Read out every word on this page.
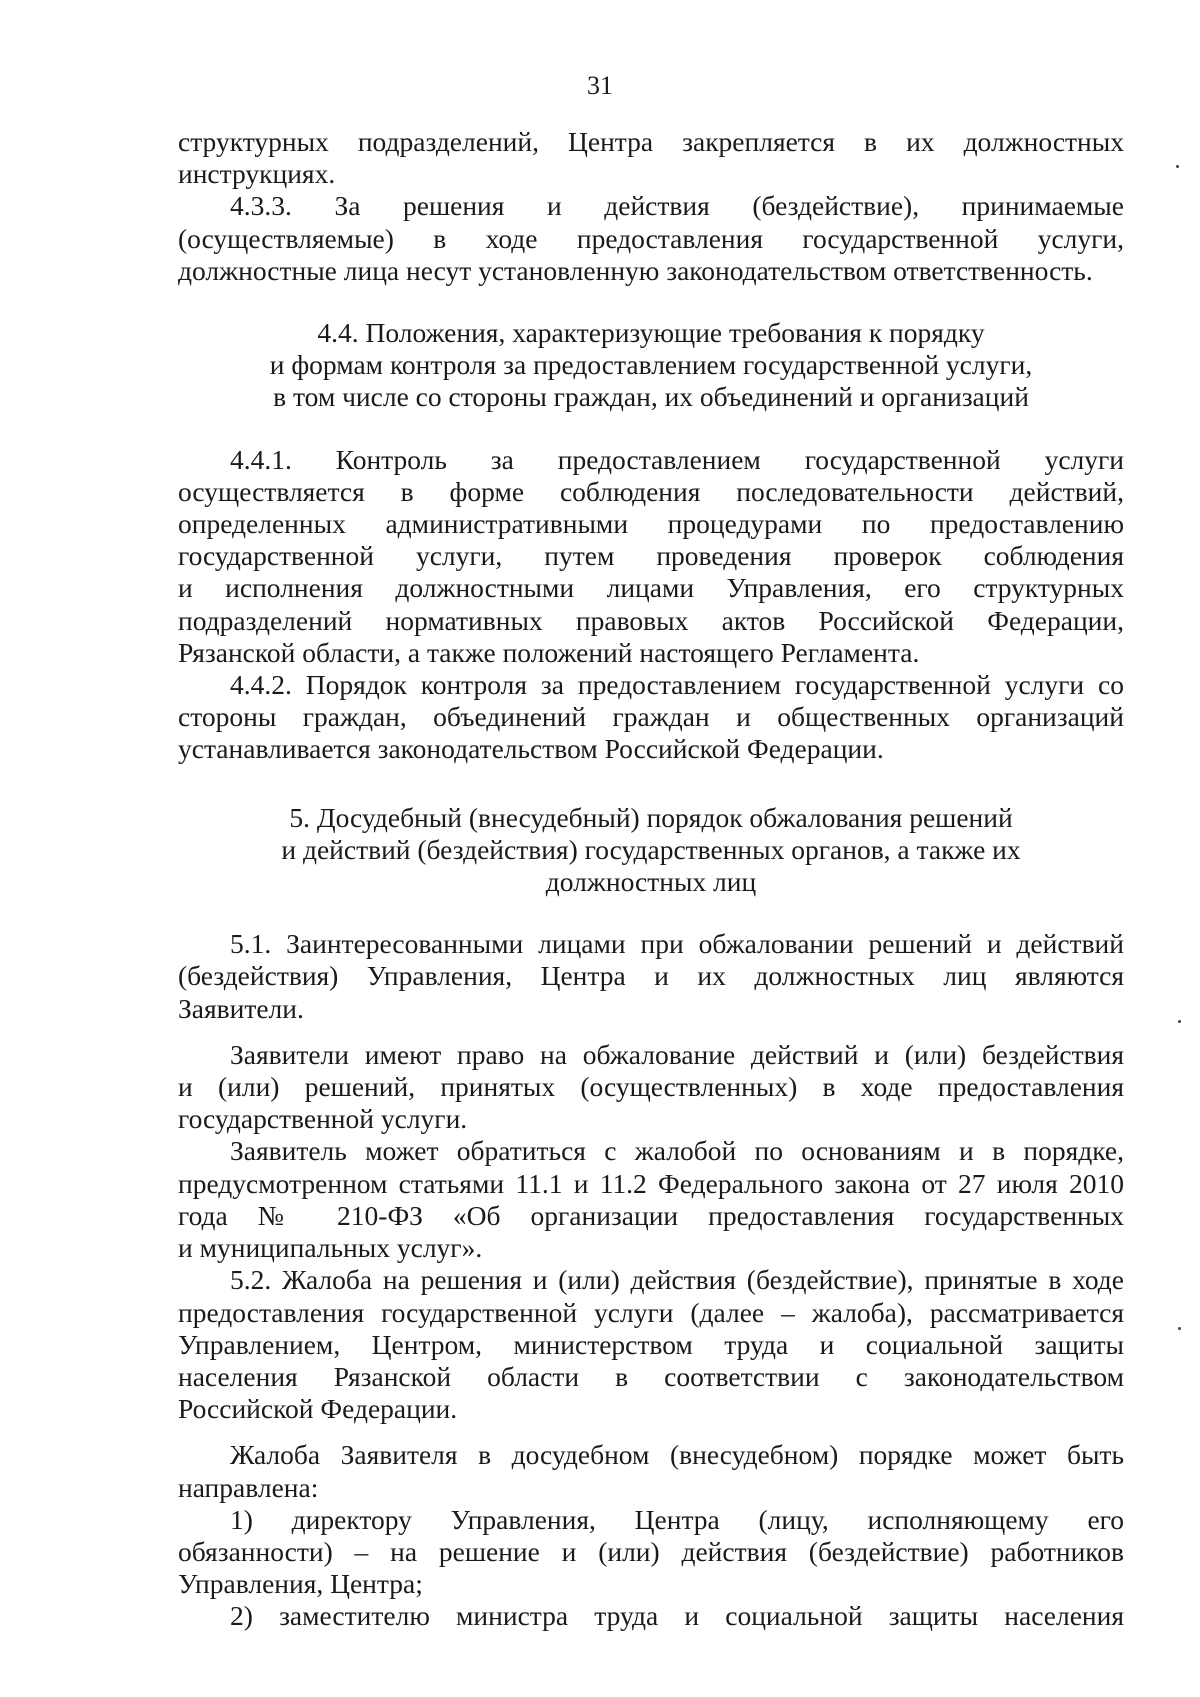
31
структурных подразделений, Центра закрепляется в их должностных
инструкциях.
4.3.3. За решения и действия (бездействие), принимаемые
(осуществляемые) в ходе предоставления государственной услуги,
должностные лица несут установленную законодательством ответственность.
4.4. Положения, характеризующие требования к порядку
и формам контроля за предоставлением государственной услуги,
в том числе со стороны граждан, их объединений и организаций
4.4.1. Контроль за предоставлением государственной услуги
осуществляется в форме соблюдения последовательности действий,
определенных административными процедурами по предоставлению
государственной услуги, путем проведения проверок соблюдения
и исполнения должностными лицами Управления, его структурных
подразделений нормативных правовых актов Российской Федерации,
Рязанской области, а также положений настоящего Регламента.
4.4.2. Порядок контроля за предоставлением государственной услуги со
стороны граждан, объединений граждан и общественных организаций
устанавливается законодательством Российской Федерации.
5. Досудебный (внесудебный) порядок обжалования решений
и действий (бездействия) государственных органов, а также их
должностных лиц
5.1. Заинтересованными лицами при обжаловании решений и действий
(бездействия) Управления, Центра и их должностных лиц являются
Заявители.
Заявители имеют право на обжалование действий и (или) бездействия
и (или) решений, принятых (осуществленных) в ходе предоставления
государственной услуги.
Заявитель может обратиться с жалобой по основаниям и в порядке,
предусмотренном статьями 11.1 и 11.2 Федерального закона от 27 июля 2010
года № 210-ФЗ «Об организации предоставления государственных
и муниципальных услуг».
5.2. Жалоба на решения и (или) действия (бездействие), принятые в ходе
предоставления государственной услуги (далее – жалоба), рассматривается
Управлением, Центром, министерством труда и социальной защиты
населения Рязанской области в соответствии с законодательством
Российской Федерации.
Жалоба Заявителя в досудебном (внесудебном) порядке может быть
направлена:
1) директору Управления, Центра (лицу, исполняющему его
обязанности) – на решение и (или) действия (бездействие) работников
Управления, Центра;
2) заместителю министра труда и социальной защиты населения
